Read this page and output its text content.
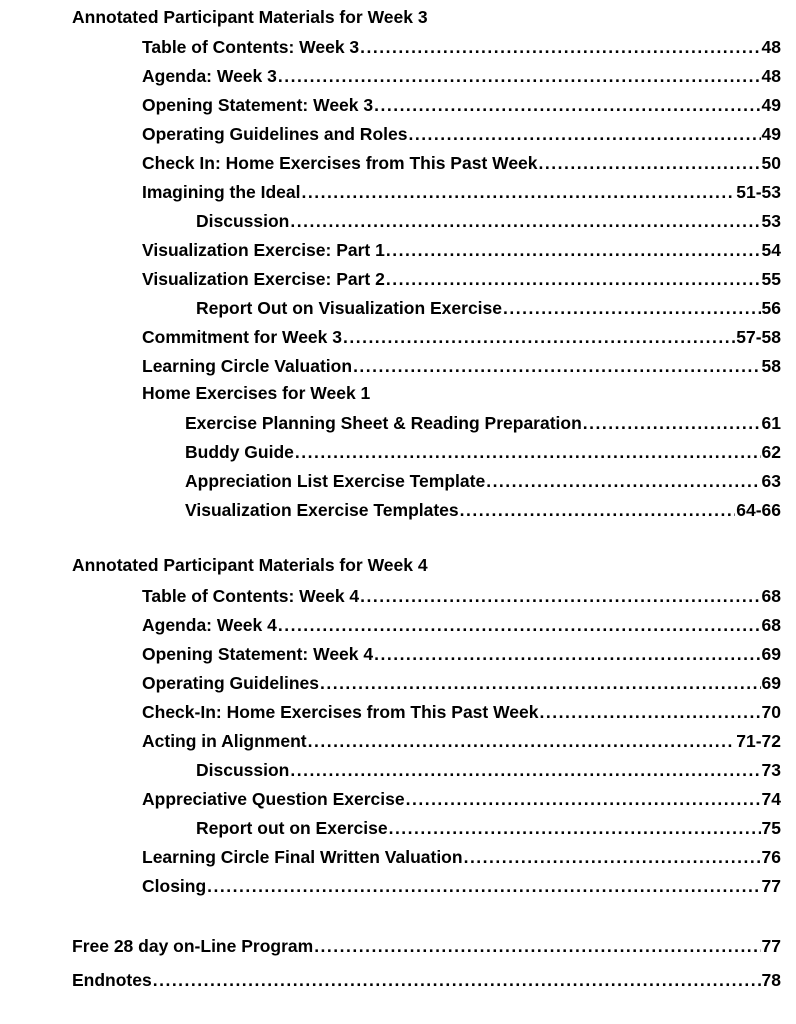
Annotated Participant Materials for Week 3
Table of Contents: Week 3 .....	48
Agenda: Week 3 .....	48
Opening Statement: Week 3 .....	49
Operating Guidelines and Roles .....	49
Check In: Home Exercises from This Past Week .....	50
Imagining the Ideal .....	51-53
Discussion .....	53
Visualization Exercise: Part 1 .....	54
Visualization Exercise: Part 2 .....	55
Report Out on Visualization Exercise .....	56
Commitment for Week 3 .....	57-58
Learning Circle Valuation .....	58
Home Exercises for Week 1
Exercise Planning Sheet & Reading Preparation .....	61
Buddy Guide .....	62
Appreciation List Exercise Template .....	63
Visualization Exercise Templates .....	64-66
Annotated Participant Materials for Week 4
Table of Contents: Week 4 .....	68
Agenda: Week 4 .....	68
Opening Statement: Week 4 .....	69
Operating Guidelines .....	69
Check-In: Home Exercises from This Past Week .....	70
Acting in Alignment .....	71-72
Discussion .....	73
Appreciative Question Exercise .....	74
Report out on Exercise .....	75
Learning Circle Final Written Valuation .....	76
Closing .....	77
Free 28 day on-Line Program .....	77
Endnotes .....	78
